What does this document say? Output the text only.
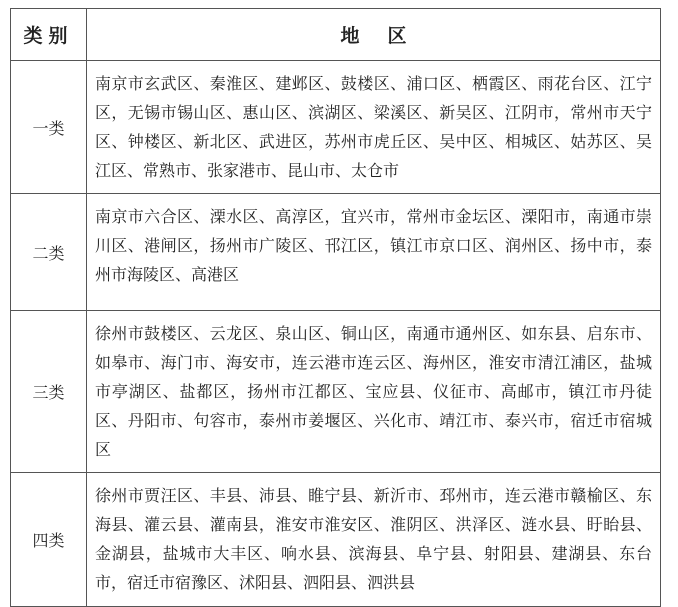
类别	地区
一类	南京市玄武区、秦淮区、建邺区、鼓楼区、浦口区、栖霞区、雨花台区、江宁区，无锡市锡山区、惠山区、滨湖区、梁溪区、新吴区、江阴市，常州市天宁区、钟楼区、新北区、武进区，苏州市虎丘区、吴中区、相城区、姑苏区、吴江区、常熟市、张家港市、昆山市、太仓市
二类	南京市六合区、溧水区、高淳区，宜兴市，常州市金坛区、溧阳市，南通市崇川区、港闸区，扬州市广陵区、邗江区，镇江市京口区、润州区、扬中市，泰州市海陵区、高港区
三类	徐州市鼓楼区、云龙区、泉山区、铜山区，南通市通州区、如东县、启东市、如皋市、海门市、海安市，连云港市连云区、海州区，淮安市清江浦区，盐城市亭湖区、盐都区，扬州市江都区、宝应县、仪征市、高邮市，镇江市丹徒区、丹阳市、句容市，泰州市姜堰区、兴化市、靖江市、泰兴市，宿迁市宿城区
四类	徐州市贾汪区、丰县、沛县、睢宁县、新沂市、邳州市，连云港市赣榆区、东海县、灌云县、灌南县，淮安市淮安区、淮阴区、洪泽区、涟水县、盱眙县、金湖县，盐城市大丰区、响水县、滨海县、阜宁县、射阳县、建湖县、东台市，宿迁市宿豫区、沭阳县、泗阳县、泗洪县
